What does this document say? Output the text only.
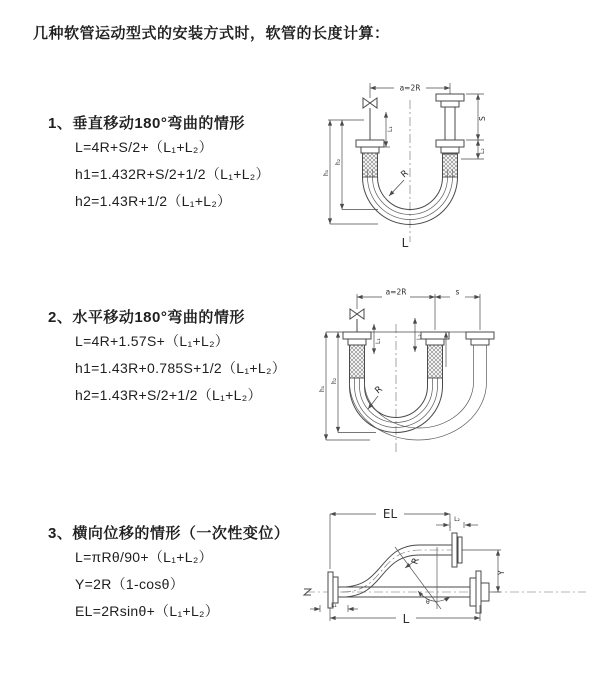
几种软管运动型式的安装方式时，软管的长度计算：
1、垂直移动180°弯曲的情形
L=4R+S/2+（L₁+L₂）
h1=1.432R+S/2+1/2（L₁+L₂）
h2=1.43R+1/2（L₁+L₂）
2、水平移动180°弯曲的情形
L=4R+1.57S+（L₁+L₂）
h1=1.43R+0.785S+1/2（L₁+L₂）
h2=1.43R+S/2+1/2（L₁+L₂）
3、横向位移的情形（一次性变位）
L=πRθ/90+（L₁+L₂）
Y=2R（1-cosθ）
EL=2Rsinθ+（L₁+L₂）
a=2R
S
L₂
h₁
h₂
L₁
R
L
a=2R	s
h₁
h₂
L₁
L₂
R
EL	L₂
Y
θ
R
L
L₁
